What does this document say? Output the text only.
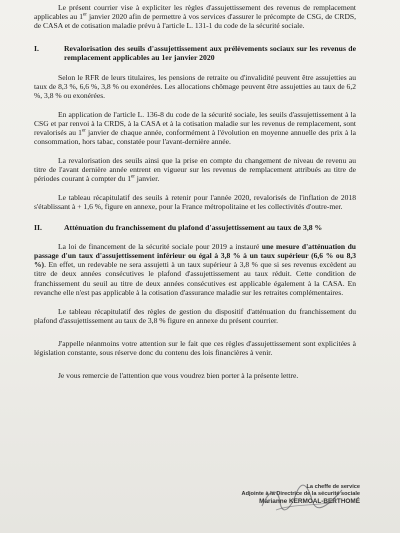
Le présent courrier vise à expliciter les règles d'assujettissement des revenus de remplacement applicables au 1er janvier 2020 afin de permettre à vos services d'assurer le précompte de CSG, de CRDS, de CASA et de cotisation maladie prévu à l'article L. 131-1 du code de la sécurité sociale.

I.	Revalorisation des seuils d'assujettissement aux prélèvements sociaux sur les revenus de remplacement applicables au 1er janvier 2020

Selon le RFR de leurs titulaires, les pensions de retraite ou d'invalidité peuvent être assujetties au taux de 8,3 %, 6,6 %, 3,8 % ou exonérées. Les allocations chômage peuvent être assujetties au taux de 6,2 %, 3,8 % ou exonérées.

En application de l'article L. 136-8 du code de la sécurité sociale, les seuils d'assujettissement à la CSG et par renvoi à la CRDS, à la CASA et à la cotisation maladie sur les revenus de remplacement, sont revalorisés au 1er janvier de chaque année, conformément à l'évolution en moyenne annuelle des prix à la consommation, hors tabac, constatée pour l'avant-dernière année.

La revalorisation des seuils ainsi que la prise en compte du changement de niveau de revenu au titre de l'avant dernière année entrent en vigueur sur les revenus de remplacement attribués au titre de périodes courant à compter du 1er janvier.

Le tableau récapitulatif des seuils à retenir pour l'année 2020, revalorisés de l'inflation de 2018 s'établissant à + 1,6 %, figure en annexe, pour la France métropolitaine et les collectivités d'outre-mer.

II.	Atténuation du franchissement du plafond d'assujettissement au taux de 3,8 %

La loi de financement de la sécurité sociale pour 2019 a instauré une mesure d'atténuation du passage d'un taux d'assujettissement inférieur ou égal à 3,8 % à un taux supérieur (6,6 % ou 8,3 %). En effet, un redevable ne sera assujetti à un taux supérieur à 3,8 % que si ses revenus excèdent au titre de deux années consécutives le plafond d'assujettissement au taux réduit. Cette condition de franchissement du seuil au titre de deux années consécutives est applicable également à la CASA. En revanche elle n'est pas applicable à la cotisation d'assurance maladie sur les retraites complémentaires.

Le tableau récapitulatif des règles de gestion du dispositif d'atténuation du franchissement du plafond d'assujettissement au taux de 3,8 % figure en annexe du présent courrier.

J'appelle néanmoins votre attention sur le fait que ces règles d'assujettissement sont explicitées à législation constante, sous réserve donc du contenu des lois financières à venir.

Je vous remercie de l'attention que vous voudrez bien porter à la présente lettre.

La cheffe de service
Adjointe à la Directrice de la sécurité sociale
Marianne KERMOAL-BERTHOMÉ
